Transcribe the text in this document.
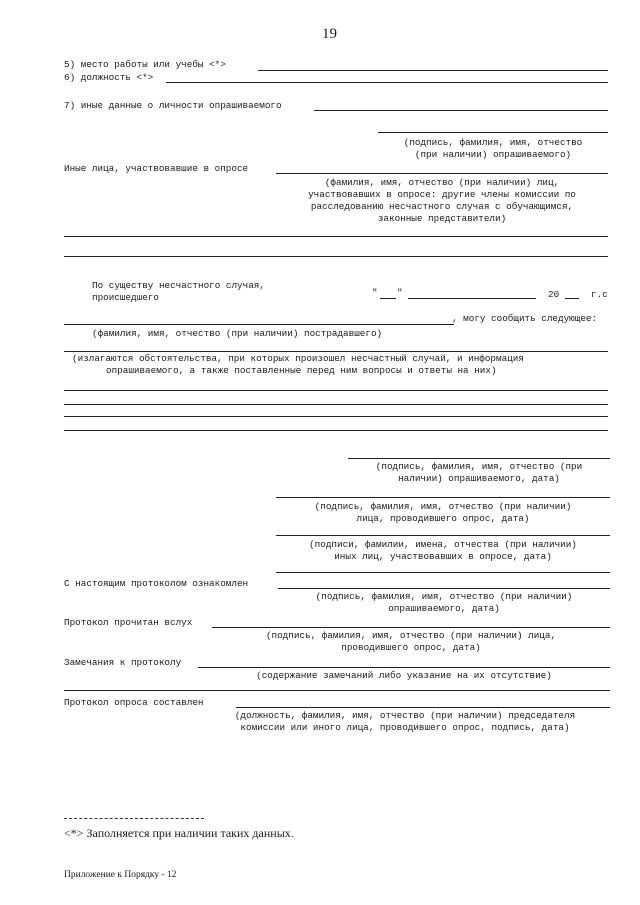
19
5) место работы или учебы <*>
6) должность <*>
7) иные данные о личности опрашиваемого
(подпись, фамилия, имя, отчество
(при наличии) опрашиваемого)
Иные лица, участвовавшие в опросе
(фамилия, имя, отчество (при наличии) лиц,
участвовавших в опросе: другие члены комиссии по
расследованию несчастного случая с обучающимся,
законные представители)
По существу несчастного случая,
происшедшего	" "	20	г.с
, могу сообщить следующее:
(фамилия, имя, отчество (при наличии) пострадавшего)
(излагаются обстоятельства, при которых произошел несчастный случай, и информация
опрашиваемого, а также поставленные перед ним вопросы и ответы на них)
(подпись, фамилия, имя, отчество (при
наличии) опрашиваемого, дата)
(подпись, фамилия, имя, отчество (при наличии)
лица, проводившего опрос, дата)
(подписи, фамилии, имена, отчества (при наличии)
иных лиц, участвовавших в опросе, дата)
С настоящим протоколом ознакомлен
(подпись, фамилия, имя, отчество (при наличии)
опрашиваемого, дата)
Протокол прочитан вслух
(подпись, фамилия, имя, отчество (при наличии) лица,
проводившего опрос, дата)
Замечания к протоколу
(содержание замечаний либо указание на их отсутствие)
Протокол опроса составлен
(должность, фамилия, имя, отчество (при наличии) председателя
комиссии или иного лица, проводившего опрос, подпись, дата)
<*> Заполняется при наличии таких данных.
Приложение к Порядку - 12
